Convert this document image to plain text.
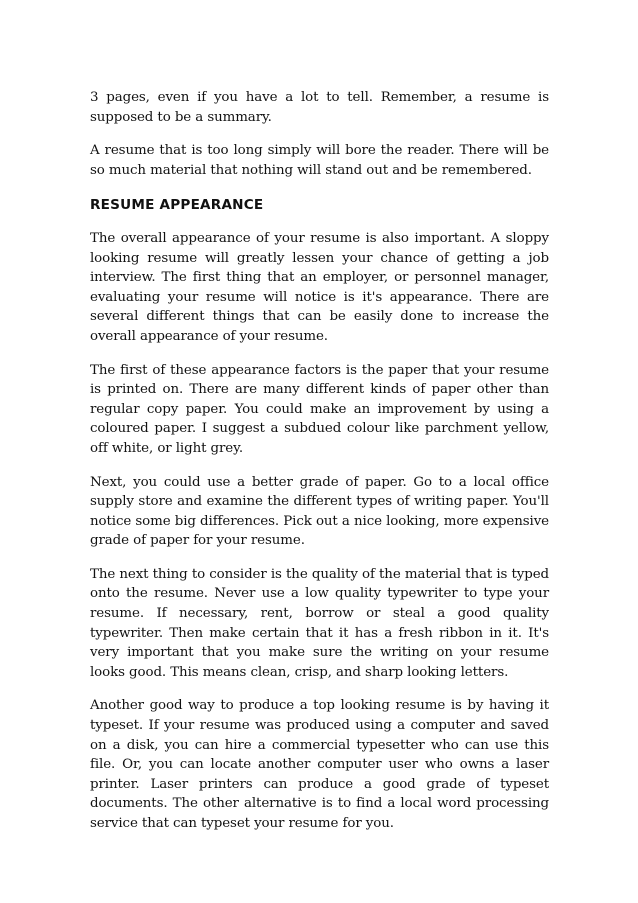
3 pages, even if you have a lot to tell. Remember, a resume is supposed to be a summary.

A resume that is too long simply will bore the reader. There will be so much material that nothing will stand out and be remembered.

RESUME APPEARANCE

The overall appearance of your resume is also important. A sloppy looking resume will greatly lessen your chance of getting a job interview. The first thing that an employer, or personnel manager, evaluating your resume will notice is it's appearance. There are several different things that can be easily done to increase the overall appearance of your resume.

The first of these appearance factors is the paper that your resume is printed on. There are many different kinds of paper other than regular copy paper. You could make an improvement by using a coloured paper. I suggest a subdued colour like parchment yellow, off white, or light grey.

Next, you could use a better grade of paper. Go to a local office supply store and examine the different types of writing paper. You'll notice some big differences. Pick out a nice looking, more expensive grade of paper for your resume.

The next thing to consider is the quality of the material that is typed onto the resume. Never use a low quality typewriter to type your resume. If necessary, rent, borrow or steal a good quality typewriter. Then make certain that it has a fresh ribbon in it. It's very important that you make sure the writing on your resume looks good. This means clean, crisp, and sharp looking letters.

Another good way to produce a top looking resume is by having it typeset. If your resume was produced using a computer and saved on a disk, you can hire a commercial typesetter who can use this file. Or, you can locate another computer user who owns a laser printer. Laser printers can produce a good grade of typeset documents. The other alternative is to find a local word processing service that can typeset your resume for you.
